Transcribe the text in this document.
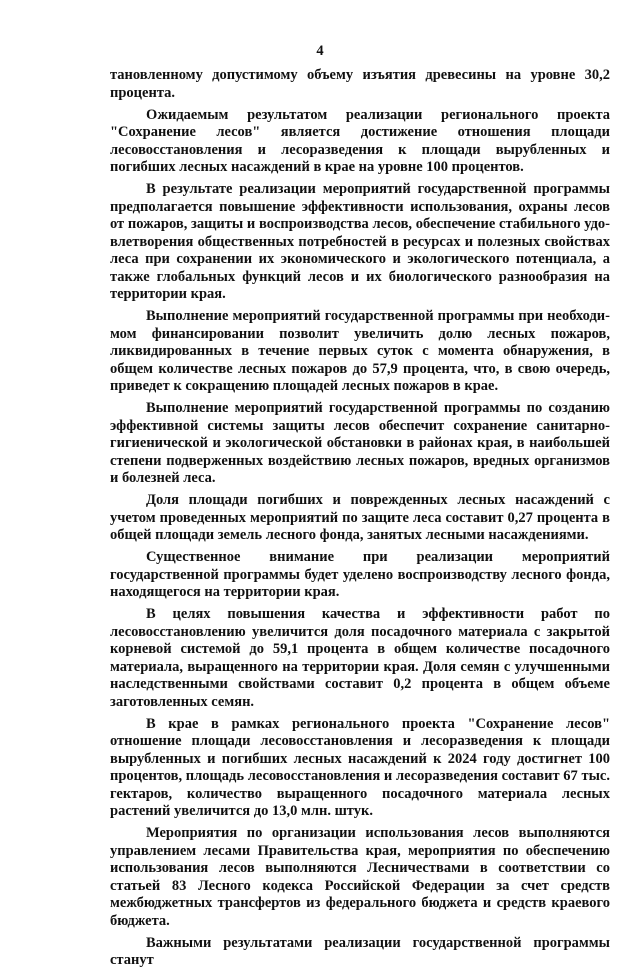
4

тановленному допустимому объему изъятия древесины на уровне 30,2 процента.

Ожидаемым результатом реализации регионального проекта "Сохранение лесов" является достижение отношения площади лесовосстановления и лесоразведения к площади вырубленных и погибших лесных насаждений в крае на уровне 100 процентов.

В результате реализации мероприятий государственной программы предполагается повышение эффективности использования, охраны лесов от пожаров, защиты и воспроизводства лесов, обеспечение стабильного удовлетворения общественных потребностей в ресурсах и полезных свойствах леса при сохранении их экономического и экологического потенциала, а также глобальных функций лесов и их биологического разнообразия на территории края.

Выполнение мероприятий государственной программы при необходимом финансировании позволит увеличить долю лесных пожаров, ликвидированных в течение первых суток с момента обнаружения, в общем количестве лесных пожаров до 57,9 процента, что, в свою очередь, приведет к сокращению площадей лесных пожаров в крае.

Выполнение мероприятий государственной программы по созданию эффективной системы защиты лесов обеспечит сохранение санитарно-гигиенической и экологической обстановки в районах края, в наибольшей степени подверженных воздействию лесных пожаров, вредных организмов и болезней леса.

Доля площади погибших и поврежденных лесных насаждений с учетом проведенных мероприятий по защите леса составит 0,27 процента в общей площади земель лесного фонда, занятых лесными насаждениями.

Существенное внимание при реализации мероприятий государственной программы будет уделено воспроизводству лесного фонда, находящегося на территории края.

В целях повышения качества и эффективности работ по лесовосстановлению увеличится доля посадочного материала с закрытой корневой системой до 59,1 процента в общем количестве посадочного материала, выращенного на территории края. Доля семян с улучшенными наследственными свойствами составит 0,2 процента в общем объеме заготовленных семян.

В крае в рамках регионального проекта "Сохранение лесов" отношение площади лесовосстановления и лесоразведения к площади вырубленных и погибших лесных насаждений к 2024 году достигнет 100 процентов, площадь лесовосстановления и лесоразведения составит 67 тыс. гектаров, количество выращенного посадочного материала лесных растений увеличится до 13,0 млн. штук.

Мероприятия по организации использования лесов выполняются управлением лесами Правительства края, мероприятия по обеспечению использования лесов выполняются Лесничествами в соответствии со статьей 83 Лесного кодекса Российской Федерации за счет средств межбюджетных трансфертов из федерального бюджета и средств краевого бюджета.

Важными результатами реализации государственной программы станут
